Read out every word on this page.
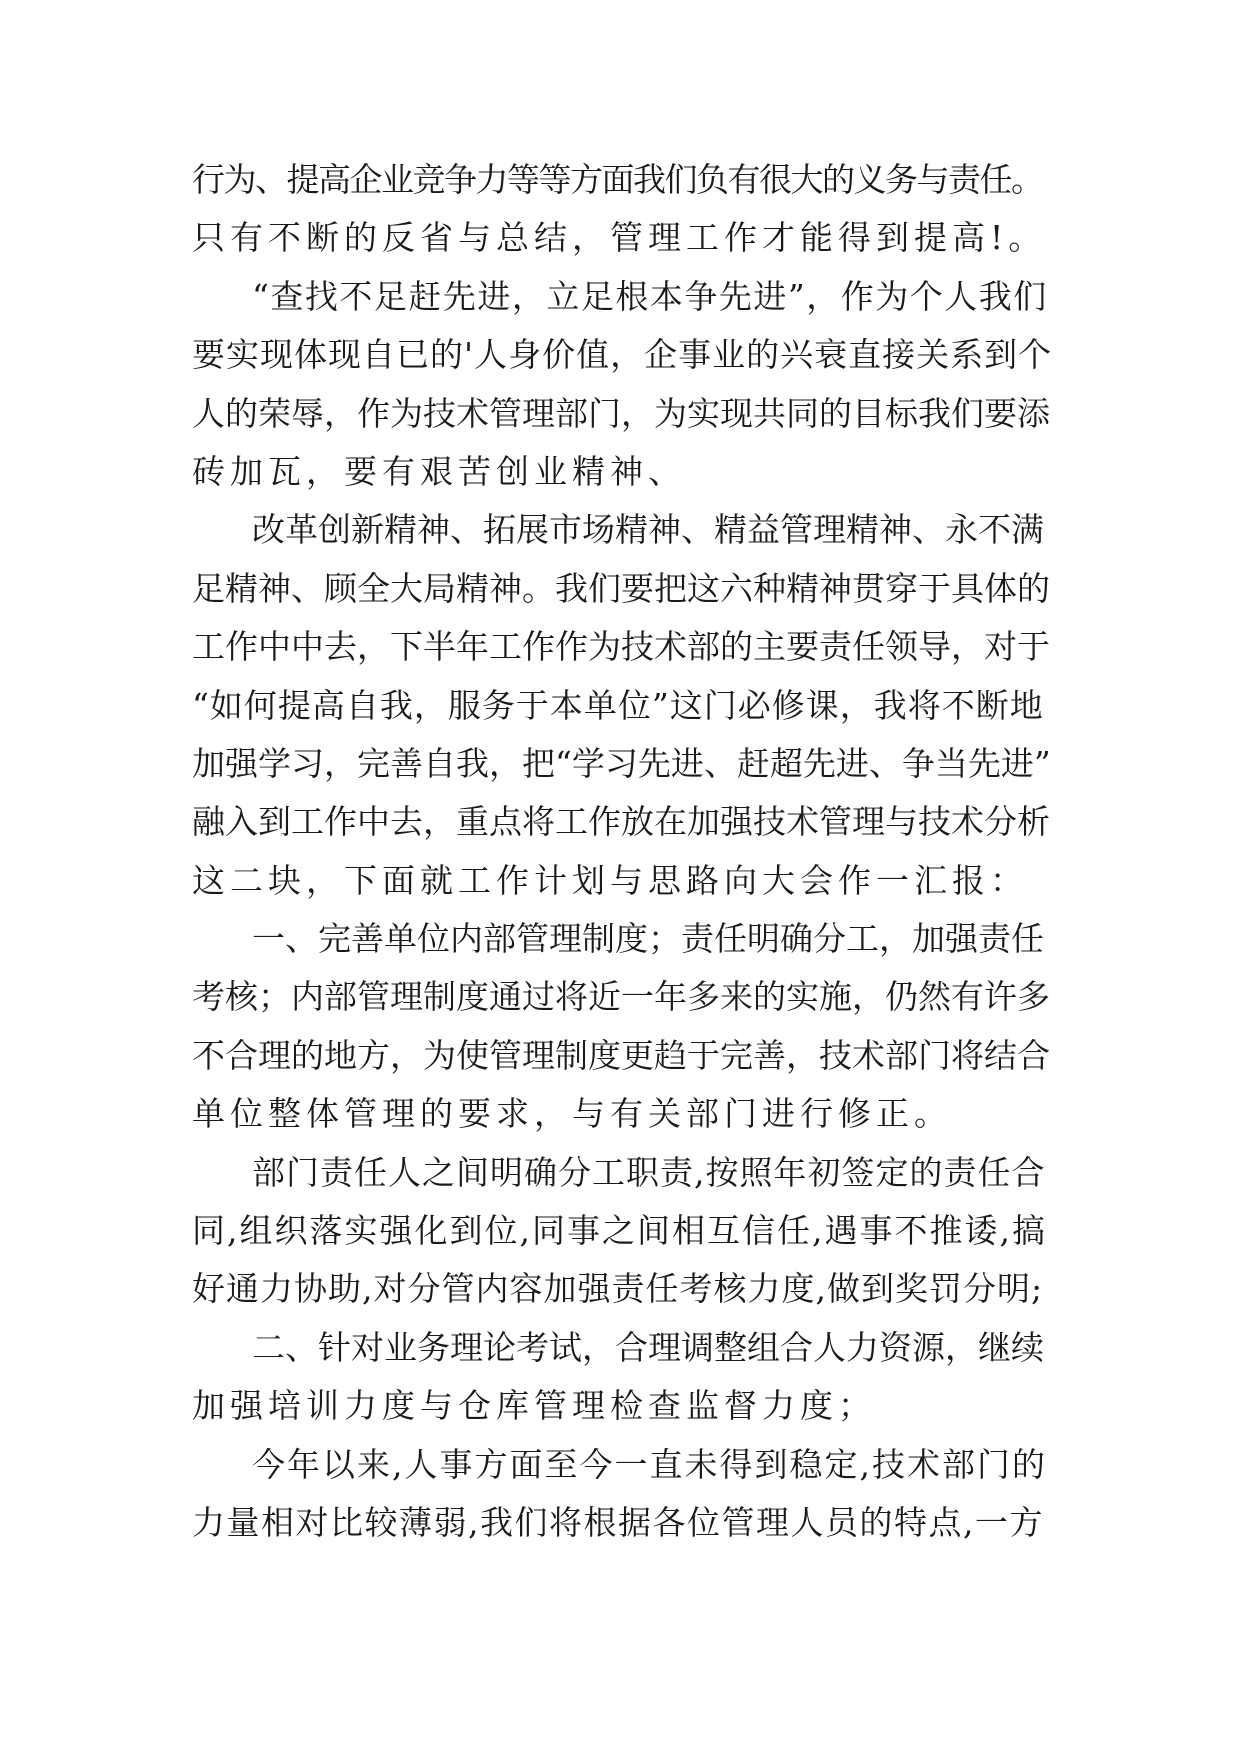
行为、提高企业竞争力等等方面我们负有很大的义务与责任。
只有不断的反省与总结，管理工作才能得到提高!。
“查找不足赶先进，立足根本争先进”，作为个人我们
要实现体现自已的'人身价值，企事业的兴衰直接关系到个
人的荣辱，作为技术管理部门，为实现共同的目标我们要添
砖加瓦，要有艰苦创业精神、
改革创新精神、拓展市场精神、精益管理精神、永不满
足精神、顾全大局精神。我们要把这六种精神贯穿于具体的
工作中中去，下半年工作作为技术部的主要责任领导，对于
“如何提高自我，服务于本单位”这门必修课，我将不断地
加强学习，完善自我，把“学习先进、赶超先进、争当先进”
融入到工作中去，重点将工作放在加强技术管理与技术分析
这二块，下面就工作计划与思路向大会作一汇报：
一、完善单位内部管理制度；责任明确分工，加强责任
考核；内部管理制度通过将近一年多来的实施，仍然有许多
不合理的地方，为使管理制度更趋于完善，技术部门将结合
单位整体管理的要求，与有关部门进行修正。
部门责任人之间明确分工职责,按照年初签定的责任合
同,组织落实强化到位,同事之间相互信任,遇事不推诿,搞
好通力协助,对分管内容加强责任考核力度,做到奖罚分明;
二、针对业务理论考试，合理调整组合人力资源，继续
加强培训力度与仓库管理检查监督力度；
今年以来,人事方面至今一直未得到稳定,技术部门的
力量相对比较薄弱,我们将根据各位管理人员的特点,一方
